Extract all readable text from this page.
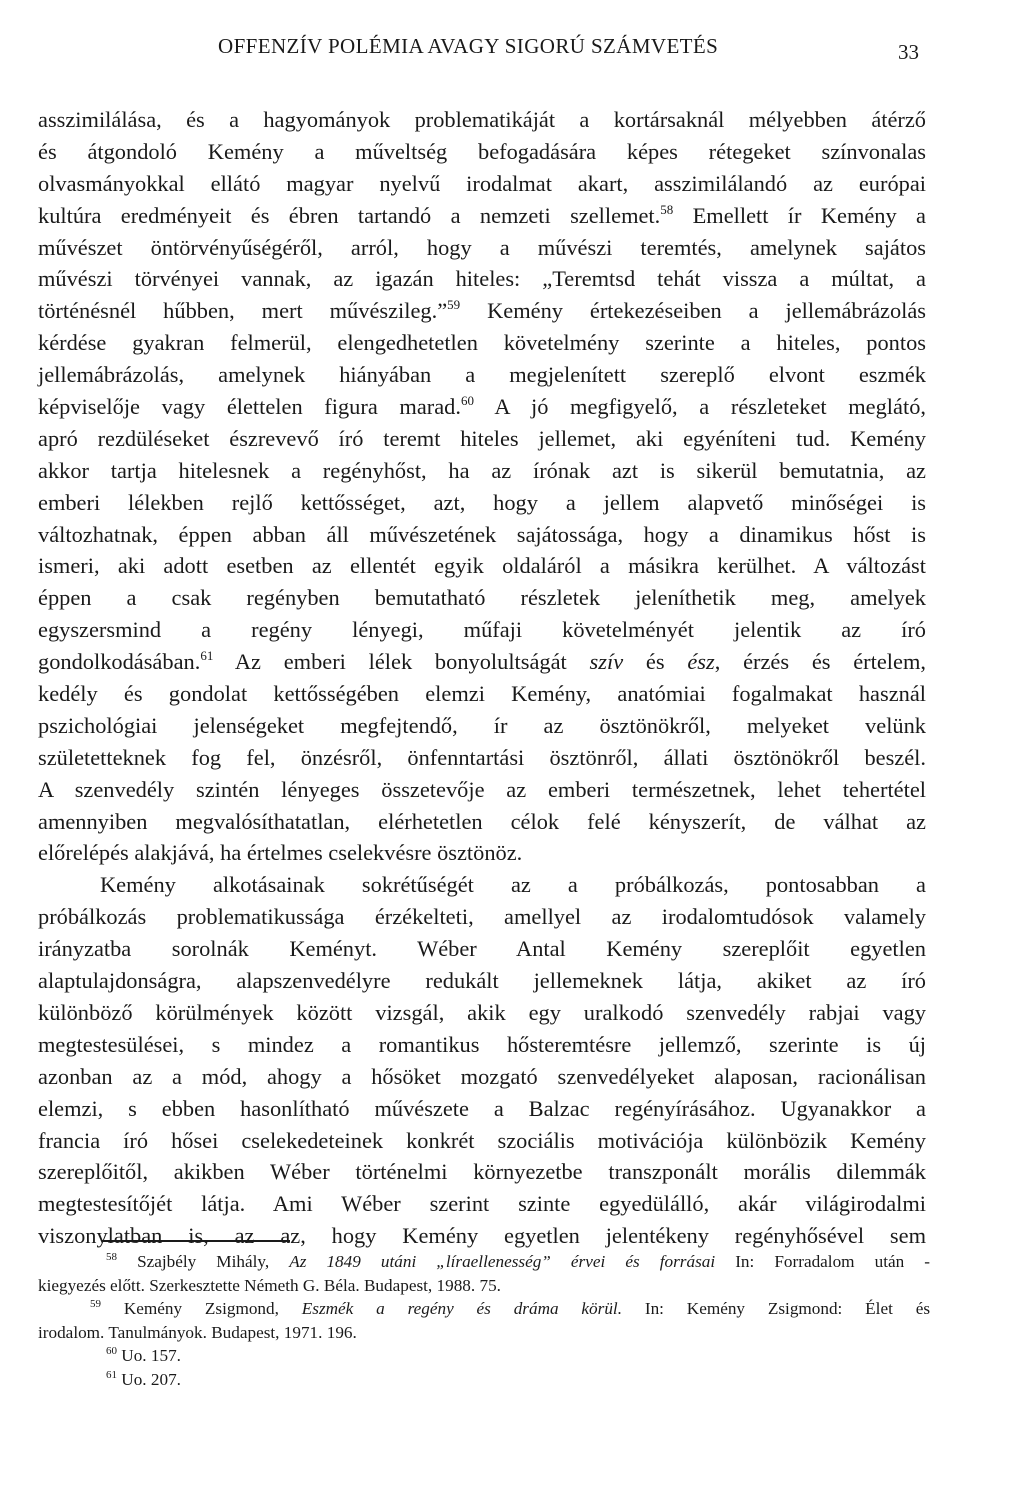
OFFENZÍV POLÉMIA AVAGY SIGORÚ SZÁMVETÉS	33
asszimilálása, és a hagyományok problematikáját a kortársaknál mélyebben átérző
és átgondoló Kemény a műveltség befogadására képes rétegeket színvonalas
olvasmányokkal ellátó magyar nyelvű irodalmat akart, asszimilálandó az európai
kultúra eredményeit és ébren tartandó a nemzeti szellemet.$^{58}$ Emellett ír Kemény a
művészet öntörvényűségéről, arról, hogy a művészi teremtés, amelynek sajátos
művészi törvényei vannak, az igazán hiteles: „Teremtsd tehát vissza a múltat, a
történésnél hűbben, mert művészileg.”$^{59}$ Kemény értekezéseiben a jellemábrázolás
kérdése gyakran felmerül, elengedhetetlen követelmény szerinte a hiteles, pontos
jellemábrázolás, amelynek hiányában a megjelenített szereplő elvont eszmék
képviselője vagy élettelen figura marad.$^{60}$ A jó megfigyelő, a részleteket meglátó,
apró rezdüléseket észrevevő író teremt hiteles jellemet, aki egyéníteni tud. Kemény
akkor tartja hitelesnek a regényhőst, ha az írónak azt is sikerül bemutatnia, az
emberi lélekben rejlő kettősséget, azt, hogy a jellem alapvető minőségei is
változhatnak, éppen abban áll művészetének sajátossága, hogy a dinamikus hőst is
ismeri, aki adott esetben az ellentét egyik oldaláról a másikra kerülhet. A változást
éppen a csak regényben bemutatható részletek jeleníthetik meg, amelyek
egyszersmind a regény lényegi, műfaji követelményét jelentik az író
gondolkodásában.$^{61}$ Az emberi lélek bonyolultságát szív és ész, érzés és értelem,
kedély és gondolat kettősségében elemzi Kemény, anatómiai fogalmakat használ
pszichológiai jelenségeket megfejtendő, ír az ösztönökről, melyeket velünk
születetteknek fog fel, önzésről, önfenntartási ösztönről, állati ösztönökről beszél.
A szenvedély szintén lényeges összetevője az emberi természetnek, lehet tehertétel
amennyiben megvalósíthatatlan, elérhetetlen célok felé kényszerít, de válhat az
előrelépés alakjává, ha értelmes cselekvésre ösztönöz.
Kemény alkotásainak sokrétűségét az a próbálkozás, pontosabban a
próbálkozás problematikussága érzékelteti, amellyel az irodalomtudósok valamely
irányzatba sorolnák Keményt. Wéber Antal Kemény szereplőit egyetlen
alaptulajdonságra, alapszenvedélyre redukált jellemeknek látja, akiket az író
különböző körülmények között vizsgál, akik egy uralkodó szenvedély rabjai vagy
megtestesülései, s mindez a romantikus hősteremtésre jellemző, szerinte is új
azonban az a mód, ahogy a hősöket mozgató szenvedélyeket alaposan, racionálisan
elemzi, s ebben hasonlítható művészete a Balzac regényírásához. Ugyanakkor a
francia író hősei cselekedeteinek konkrét szociális motivációja különbözik Kemény
szereplőitől, akikben Wéber történelmi környezetbe transzponált morális dilemmák
megtestesítőjét látja. Ami Wéber szerint szinte egyedülálló, akár világirodalmi
viszonylatban is, az az, hogy Kemény egyetlen jelentékeny regényhősével sem
$^{58}$ Szajbély Mihály, Az 1849 utáni „líraellenesség” érvei és forrásai In: Forradalom után -
kiegyezés előtt. Szerkesztette Németh G. Béla. Budapest, 1988. 75.
$^{59}$ Kemény Zsigmond, Eszmék a regény és dráma körül. In: Kemény Zsigmond: Élet és
irodalom. Tanulmányok. Budapest, 1971. 196.
$^{60}$ Uo. 157.
$^{61}$ Uo. 207.
